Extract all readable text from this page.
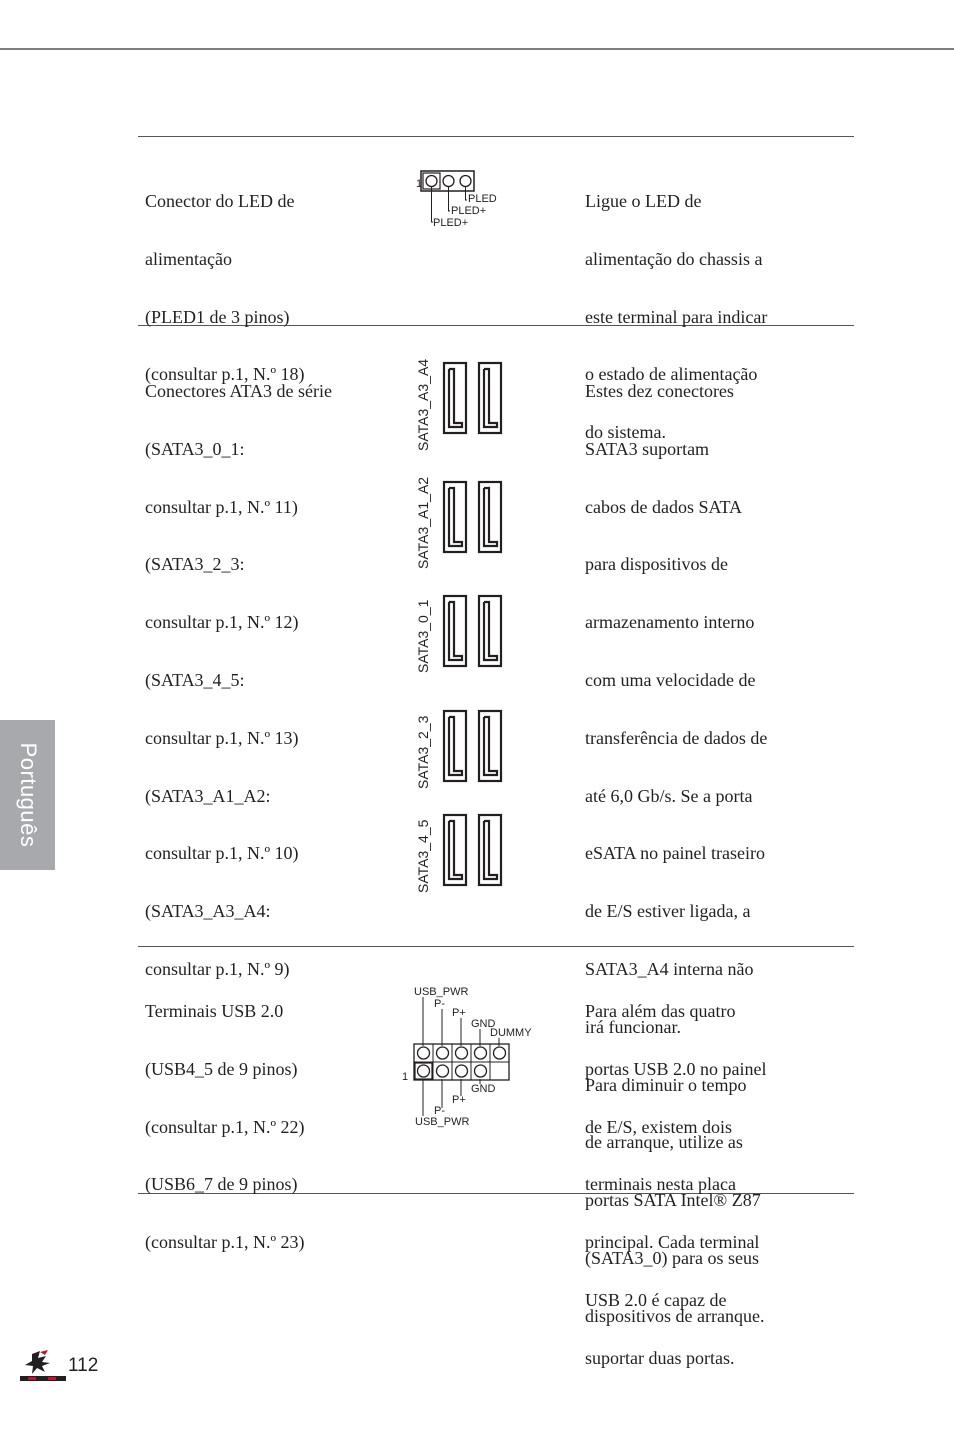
Conector do LED de

alimentação

(PLED1 de 3 pinos)

(consultar p.1, N.º 18)

Ligue o LED de

alimentação do chassis a

este terminal para indicar

o estado de alimentação

do sistema.

1
PLED
PLED+
PLED+

Conectores ATA3 de série

(SATA3_0_1:

consultar p.1, N.º 11)

(SATA3_2_3:

consultar p.1, N.º 12)

(SATA3_4_5:

consultar p.1, N.º 13)

(SATA3_A1_A2:

consultar p.1, N.º 10)

(SATA3_A3_A4:

consultar p.1, N.º 9)

Estes dez conectores

SATA3 suportam

cabos de dados SATA

para dispositivos de

armazenamento interno

com uma velocidade de

transferência de dados de

até 6,0 Gb/s. Se a porta

eSATA no painel traseiro

de E/S estiver ligada, a

SATA3_A4 interna não

irá funcionar.

Para diminuir o tempo

de arranque, utilize as

portas SATA Intel® Z87

(SATA3_0) para os seus

dispositivos de arranque.

SATA3_A3_A4
SATA3_A1_A2
SATA3_0_1
SATA3_2_3
SATA3_4_5

Terminais USB 2.0

(USB4_5 de 9 pinos)

(consultar p.1, N.º 22)

(USB6_7 de 9 pinos)

(consultar p.1, N.º 23)

Para além das quatro

portas USB 2.0 no painel

de E/S, existem dois

terminais nesta placa

principal. Cada terminal

USB 2.0 é capaz de

suportar duas portas.

USB_PWR
P-
P+
GND
DUMMY
1
GND
P+
P-
USB_PWR
Português
112
